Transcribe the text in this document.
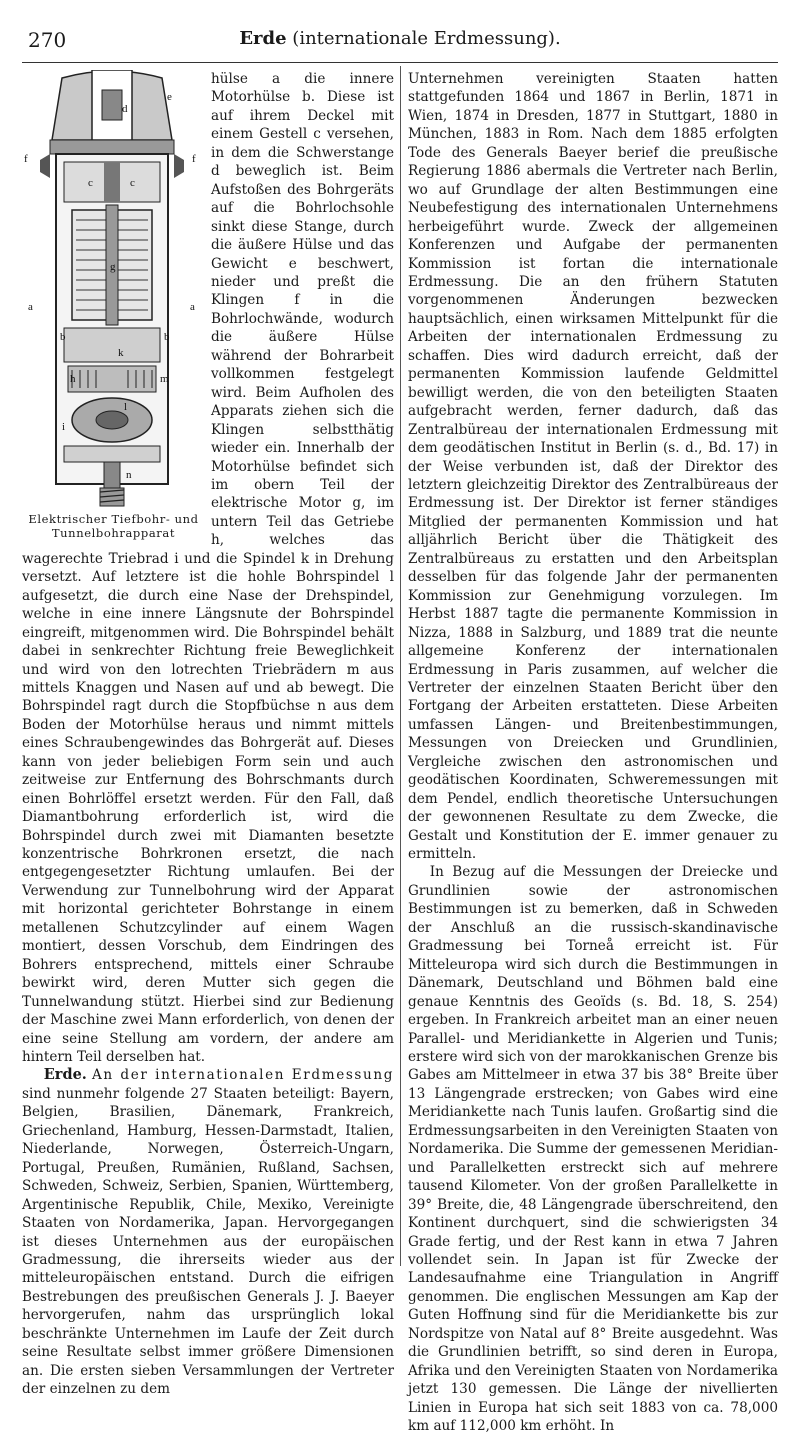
270	Erde (internationale Erdmessung).
d
e
f	f
c	c
g
a	a
b	b
h
k
m
l
i
n
Elektrischer Tiefbohr- und Tunnelbohrapparat

hülse a die innere Motorhülse b. Diese ist auf ihrem Deckel mit einem Gestell c versehen, in dem die Schwerstange d beweglich ist. Beim Aufstoßen des Bohrgeräts auf die Bohrlochsohle sinkt diese Stange, durch die äußere Hülse und das Gewicht e beschwert, nieder und preßt die Klingen f in die Bohrlochwände, wodurch die äußere Hülse während der Bohrarbeit vollkommen festgelegt wird. Beim Aufholen des Apparats ziehen sich die Klingen selbstthätig wieder ein. Innerhalb der Motorhülse befindet sich im obern Teil der elektrische Motor g, im untern Teil das Getriebe h, welches das wagerechte Triebrad i und die Spindel k in Drehung versetzt. Auf letztere ist die hohle Bohrspindel l aufgesetzt, die durch eine Nase der Drehspindel, welche in eine innere Längsnute der Bohrspindel eingreift, mitgenommen wird. Die Bohrspindel behält dabei in senkrechter Richtung freie Beweglichkeit und wird von den lotrechten Triebrädern m aus mittels Knaggen und Nasen auf und ab bewegt. Die Bohrspindel ragt durch die Stopfbüchse n aus dem Boden der Motorhülse heraus und nimmt mittels eines Schraubengewindes das Bohrgerät auf. Dieses kann von jeder beliebigen Form sein und auch zeitweise zur Entfernung des Bohrschmants durch einen Bohrlöffel ersetzt werden. Für den Fall, daß Diamantbohrung erforderlich ist, wird die Bohrspindel durch zwei mit Diamanten besetzte konzentrische Bohrkronen ersetzt, die nach entgegengesetzter Richtung umlaufen. Bei der Verwendung zur Tunnelbohrung wird der Apparat mit horizontal gerichteter Bohrstange in einem metallenen Schutzcylinder auf einem Wagen montiert, dessen Vorschub, dem Eindringen des Bohrers entsprechend, mittels einer Schraube bewirkt wird, deren Mutter sich gegen die Tunnelwandung stützt. Hierbei sind zur Bedienung der Maschine zwei Mann erforderlich, von denen der eine seine Stellung am vordern, der andere am hintern Teil derselben hat.

Erde. An der internationalen Erdmessung sind nunmehr folgende 27 Staaten beteiligt: Bayern, Belgien, Brasilien, Dänemark, Frankreich, Griechenland, Hamburg, Hessen-Darmstadt, Italien, Niederlande, Norwegen, Österreich-Ungarn, Portugal, Preußen, Rumänien, Rußland, Sachsen, Schweden, Schweiz, Serbien, Spanien, Württemberg, Argentinische Republik, Chile, Mexiko, Vereinigte Staaten von Nordamerika, Japan. Hervorgegangen ist dieses Unternehmen aus der europäischen Gradmessung, die ihrerseits wieder aus der mitteleuropäischen entstand. Durch die eifrigen Bestrebungen des preußischen Generals J. J. Baeyer hervorgerufen, nahm das ursprünglich lokal beschränkte Unternehmen im Laufe der Zeit durch seine Resultate selbst immer größere Dimensionen an. Die ersten sieben Versammlungen der Vertreter der einzelnen zu dem

Unternehmen vereinigten Staaten hatten stattgefunden 1864 und 1867 in Berlin, 1871 in Wien, 1874 in Dresden, 1877 in Stuttgart, 1880 in München, 1883 in Rom. Nach dem 1885 erfolgten Tode des Generals Baeyer berief die preußische Regierung 1886 abermals die Vertreter nach Berlin, wo auf Grundlage der alten Bestimmungen eine Neubefestigung des internationalen Unternehmens herbeigeführt wurde. Zweck der allgemeinen Konferenzen und Aufgabe der permanenten Kommission ist fortan die internationale Erdmessung. Die an den frühern Statuten vorgenommenen Änderungen bezwecken hauptsächlich, einen wirksamen Mittelpunkt für die Arbeiten der internationalen Erdmessung zu schaffen. Dies wird dadurch erreicht, daß der permanenten Kommission laufende Geldmittel bewilligt werden, die von den beteiligten Staaten aufgebracht werden, ferner dadurch, daß das Zentralbüreau der internationalen Erdmessung mit dem geodätischen Institut in Berlin (s. d., Bd. 17) in der Weise verbunden ist, daß der Direktor des letztern gleichzeitig Direktor des Zentralbüreaus der Erdmessung ist. Der Direktor ist ferner ständiges Mitglied der permanenten Kommission und hat alljährlich Bericht über die Thätigkeit des Zentralbüreaus zu erstatten und den Arbeitsplan desselben für das folgende Jahr der permanenten Kommission zur Genehmigung vorzulegen. Im Herbst 1887 tagte die permanente Kommission in Nizza, 1888 in Salzburg, und 1889 trat die neunte allgemeine Konferenz der internationalen Erdmessung in Paris zusammen, auf welcher die Vertreter der einzelnen Staaten Bericht über den Fortgang der Arbeiten erstatteten. Diese Arbeiten umfassen Längen- und Breitenbestimmungen, Messungen von Dreiecken und Grundlinien, Vergleiche zwischen den astronomischen und geodätischen Koordinaten, Schweremessungen mit dem Pendel, endlich theoretische Untersuchungen der gewonnenen Resultate zu dem Zwecke, die Gestalt und Konstitution der E. immer genauer zu ermitteln.

In Bezug auf die Messungen der Dreiecke und Grundlinien sowie der astronomischen Bestimmungen ist zu bemerken, daß in Schweden der Anschluß an die russisch-skandinavische Gradmessung bei Torneå erreicht ist. Für Mitteleuropa wird sich durch die Bestimmungen in Dänemark, Deutschland und Böhmen bald eine genaue Kenntnis des Geoïds (s. Bd. 18, S. 254) ergeben. In Frankreich arbeitet man an einer neuen Parallel- und Meridiankette in Algerien und Tunis; erstere wird sich von der marokkanischen Grenze bis Gabes am Mittelmeer in etwa 37 bis 38° Breite über 13 Längengrade erstrecken; von Gabes wird eine Meridiankette nach Tunis laufen. Großartig sind die Erdmessungsarbeiten in den Vereinigten Staaten von Nordamerika. Die Summe der gemessenen Meridian- und Parallelketten erstreckt sich auf mehrere tausend Kilometer. Von der großen Parallelkette in 39° Breite, die, 48 Längengrade überschreitend, den Kontinent durchquert, sind die schwierigsten 34 Grade fertig, und der Rest kann in etwa 7 Jahren vollendet sein. In Japan ist für Zwecke der Landesaufnahme eine Triangulation in Angriff genommen. Die englischen Messungen am Kap der Guten Hoffnung sind für die Meridiankette bis zur Nordspitze von Natal auf 8° Breite ausgedehnt. Was die Grundlinien betrifft, so sind deren in Europa, Afrika und den Vereinigten Staaten von Nordamerika jetzt 130 gemessen. Die Länge der nivellierten Linien in Europa hat sich seit 1883 von ca. 78,000 km auf 112,000 km erhöht. In
